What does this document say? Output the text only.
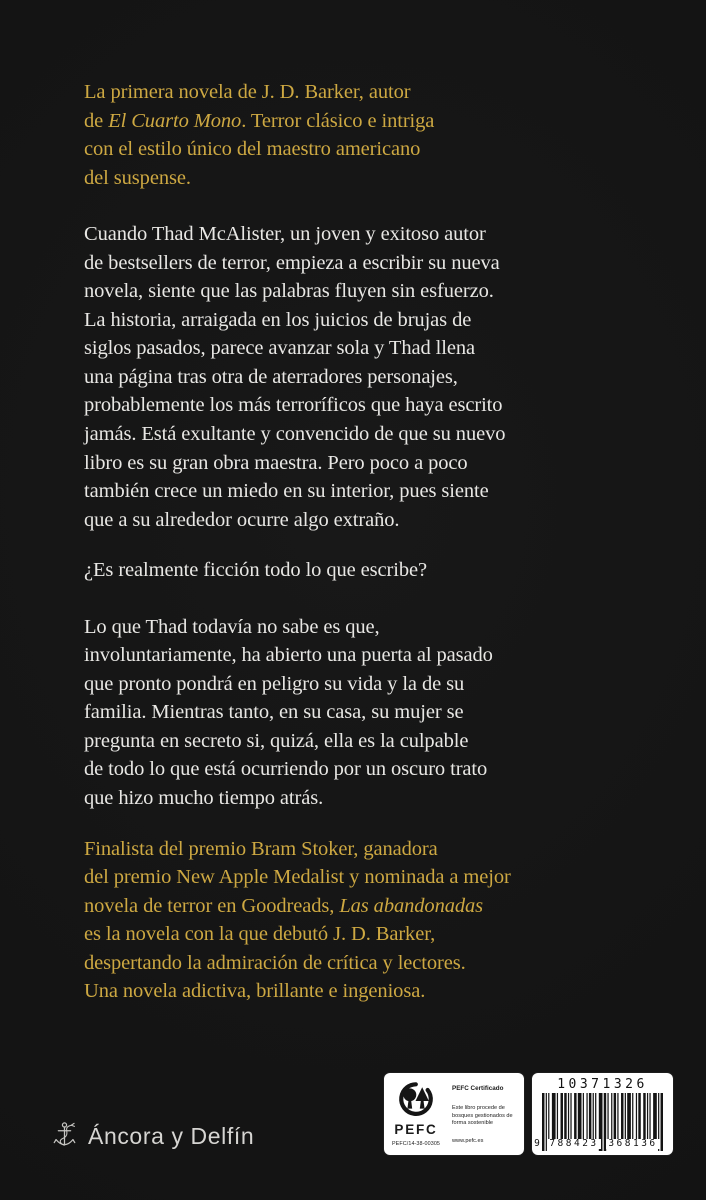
La primera novela de J. D. Barker, autor
de El Cuarto Mono. Terror clásico e intriga
con el estilo único del maestro americano
del suspense.
Cuando Thad McAlister, un joven y exitoso autor
de bestsellers de terror, empieza a escribir su nueva
novela, siente que las palabras fluyen sin esfuerzo.
La historia, arraigada en los juicios de brujas de
siglos pasados, parece avanzar sola y Thad llena
una página tras otra de aterradores personajes,
probablemente los más terroríficos que haya escrito
jamás. Está exultante y convencido de que su nuevo
libro es su gran obra maestra. Pero poco a poco
también crece un miedo en su interior, pues siente
que a su alrededor ocurre algo extraño.
¿Es realmente ficción todo lo que escribe?
Lo que Thad todavía no sabe es que,
involuntariamente, ha abierto una puerta al pasado
que pronto pondrá en peligro su vida y la de su
familia. Mientras tanto, en su casa, su mujer se
pregunta en secreto si, quizá, ella es la culpable
de todo lo que está ocurriendo por un oscuro trato
que hizo mucho tiempo atrás.
Finalista del premio Bram Stoker, ganadora
del premio New Apple Medalist y nominada a mejor
novela de terror en Goodreads, Las abandonadas
es la novela con la que debutó J. D. Barker,
despertando la admiración de crítica y lectores.
Una novela adictiva, brillante e ingeniosa.
Áncora y Delfín	PEFC
PEFC/14-38-00305
PEFC Certificado
Este libro procede de bosques gestionados de forma sostenible
www.pefc.es
10371326
9 788423 368136
